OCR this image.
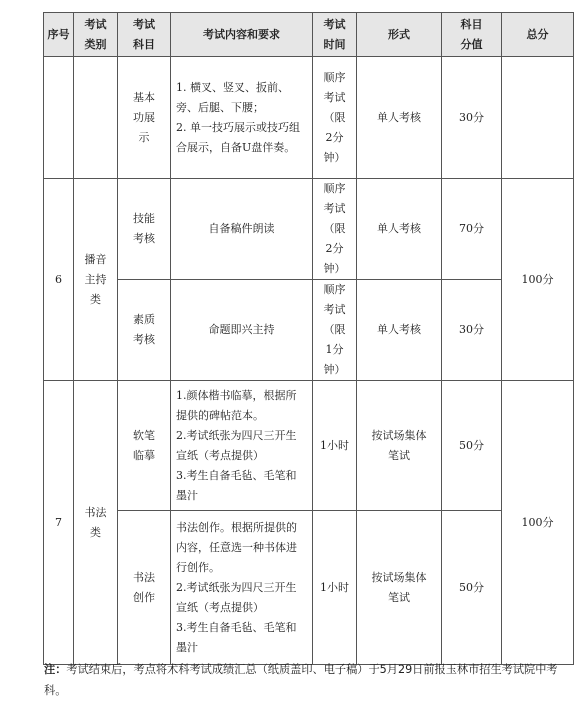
序号	考试类别	考试科目	考试内容和要求	考试时间	形式	科目分值	总分
		基本功展示	1. 横叉、竖叉、扳前、旁、后腿、下腰；
2. 单一技巧展示或技巧组合展示，自备U盘伴奏。	顺序考试（限2分钟）	单人考核	30分	
6	播音主持类	技能考核	自备稿件朗读	顺序考试（限2分钟）	单人考核	70分	100分
		素质考核	命题即兴主持	顺序考试（限1分钟）	单人考核	30分	
7	书法类	软笔临摹	1.颜体楷书临摹，根据所提供的碑帖范本。
2.考试纸张为四尺三开生宣纸（考点提供）
3.考生自备毛毡、毛笔和墨汁	1小时	按试场集体笔试	50分	100分
		书法创作	书法创作。根据所提供的内容，任意选一种书体进行创作。
2.考试纸张为四尺三开生宣纸（考点提供）
3.考生自备毛毡、毛笔和墨汁	1小时	按试场集体笔试	50分	
注：考试结束后，考点将术科考试成绩汇总（纸质盖印、电子稿）于5月29日前报玉林市招生考试院中考科。
